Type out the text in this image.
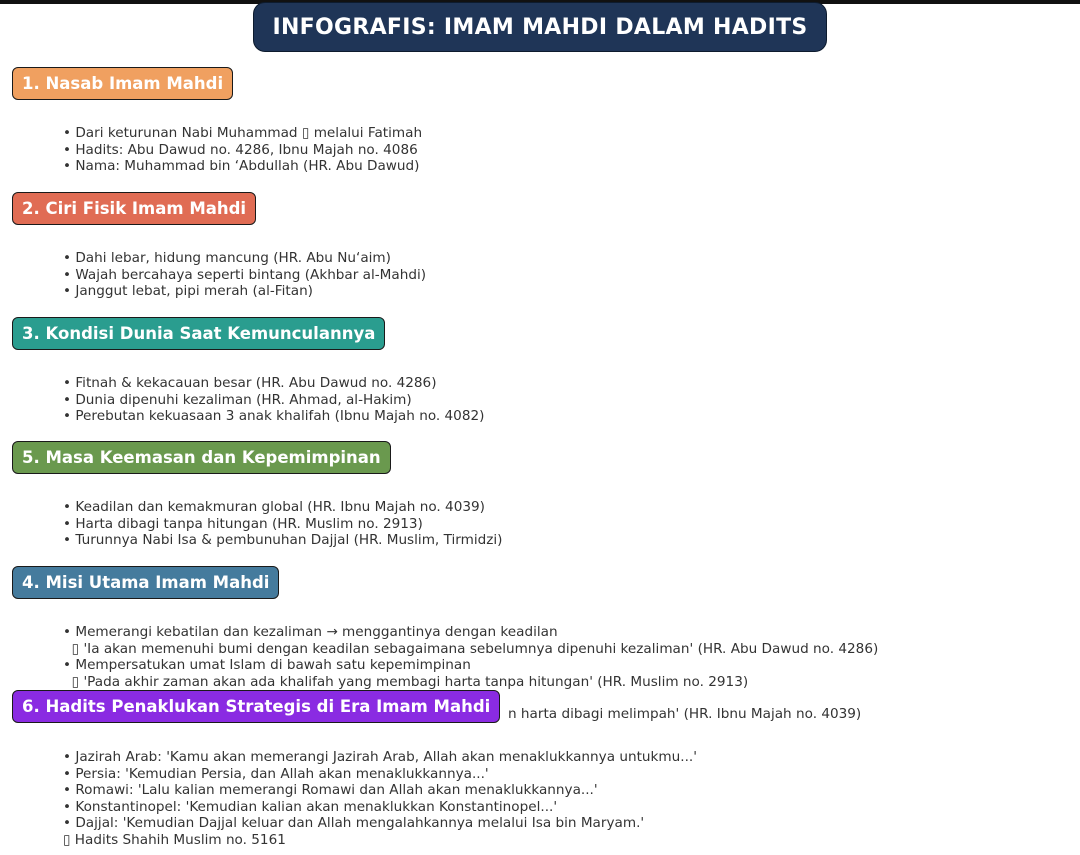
INFOGRAFIS: IMAM MAHDI DALAM HADITS
1. Nasab Imam Mahdi
• Dari keturunan Nabi Muhammad ▯ melalui Fatimah
• Hadits: Abu Dawud no. 4286, Ibnu Majah no. 4086
• Nama: Muhammad bin ‘Abdullah (HR. Abu Dawud)
2. Ciri Fisik Imam Mahdi
• Dahi lebar, hidung mancung (HR. Abu Nu‘aim)
• Wajah bercahaya seperti bintang (Akhbar al-Mahdi)
• Janggut lebat, pipi merah (al-Fitan)
3. Kondisi Dunia Saat Kemunculannya
• Fitnah & kekacauan besar (HR. Abu Dawud no. 4286)
• Dunia dipenuhi kezaliman (HR. Ahmad, al-Hakim)
• Perebutan kekuasaan 3 anak khalifah (Ibnu Majah no. 4082)
5. Masa Keemasan dan Kepemimpinan
• Keadilan dan kemakmuran global (HR. Ibnu Majah no. 4039)
• Harta dibagi tanpa hitungan (HR. Muslim no. 2913)
• Turunnya Nabi Isa & pembunuhan Dajjal (HR. Muslim, Tirmidzi)
4. Misi Utama Imam Mahdi
• Memerangi kebatilan dan kezaliman → menggantinya dengan keadilan
▯ 'Ia akan memenuhi bumi dengan keadilan sebagaimana sebelumnya dipenuhi kezaliman' (HR. Abu Dawud no. 4286)
• Mempersatukan umat Islam di bawah satu kepemimpinan
▯ 'Pada akhir zaman akan ada khalifah yang membagi harta tanpa hitungan' (HR. Muslim no. 2913)
n harta dibagi melimpah' (HR. Ibnu Majah no. 4039)
6. Hadits Penaklukan Strategis di Era Imam Mahdi
• Jazirah Arab: 'Kamu akan memerangi Jazirah Arab, Allah akan menaklukkannya untukmu...'
• Persia: 'Kemudian Persia, dan Allah akan menaklukkannya...'
• Romawi: 'Lalu kalian memerangi Romawi dan Allah akan menaklukkannya...'
• Konstantinopel: 'Kemudian kalian akan menaklukkan Konstantinopel...'
• Dajjal: 'Kemudian Dajjal keluar dan Allah mengalahkannya melalui Isa bin Maryam.'
▯ Hadits Shahih Muslim no. 5161
